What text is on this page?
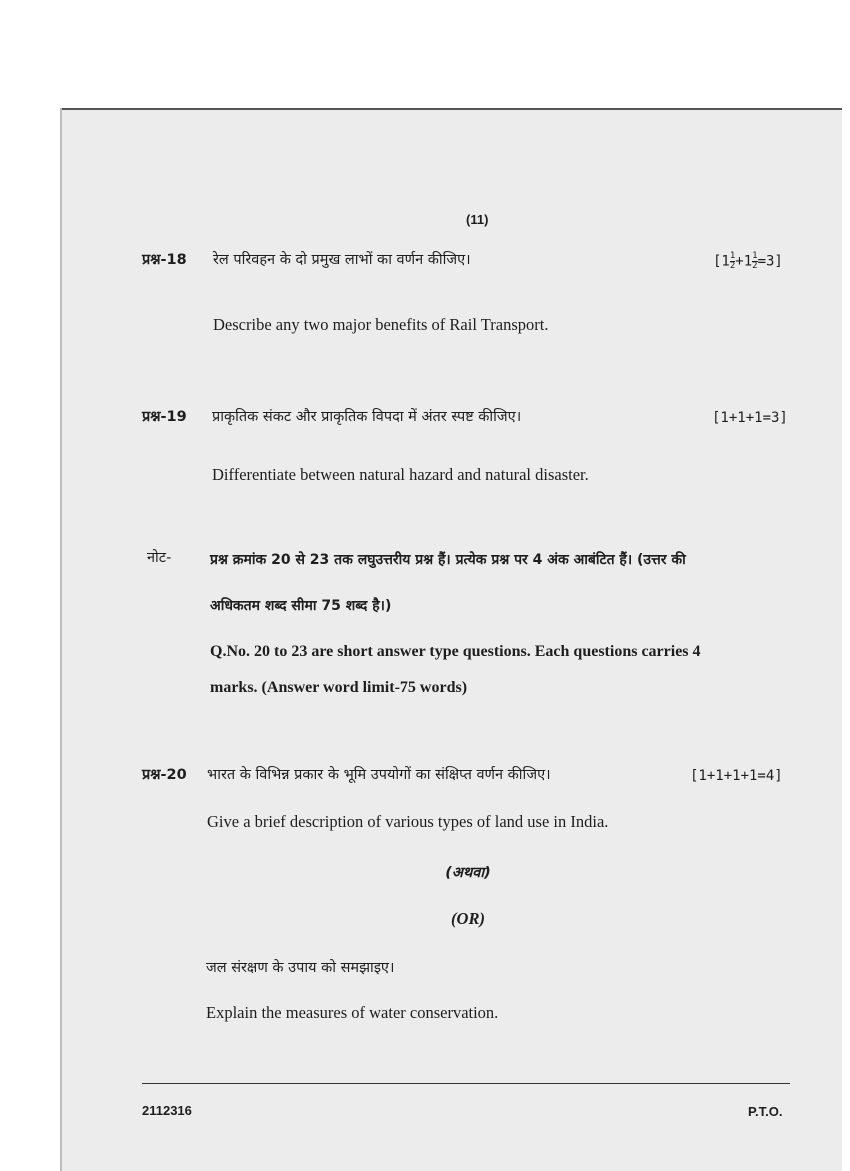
(11)
प्रश्न-18 रेल परिवहन के दो प्रमुख लाभों का वर्णन कीजिए।	$[1 \frac{1}{2} +1 \frac{1}{2} =3]$
Describe any two major benefits of Rail Transport.
प्रश्न-19 प्राकृतिक संकट और प्राकृतिक विपदा में अंतर स्पष्ट कीजिए।	[1+1+1=3]
Differentiate between natural hazard and natural disaster.
नोट-	प्रश्न क्रमांक 20 से 23 तक लघुउत्तरीय प्रश्न हैं। प्रत्येक प्रश्न पर 4 अंक आबंटित हैं। (उत्तर की
अधिकतम शब्द सीमा 75 शब्द है।)
Q.No. 20 to 23 are short answer type questions. Each questions carries 4
marks. (Answer word limit-75 words)
प्रश्न-20 भारत के विभिन्न प्रकार के भूमि उपयोगों का संक्षिप्त वर्णन कीजिए।	[1+1+1+1=4]
Give a brief description of various types of land use in India.
(अथवा)
(OR)
जल संरक्षण के उपाय को समझाइए।
Explain the measures of water conservation.
2112316	P.T.O.
